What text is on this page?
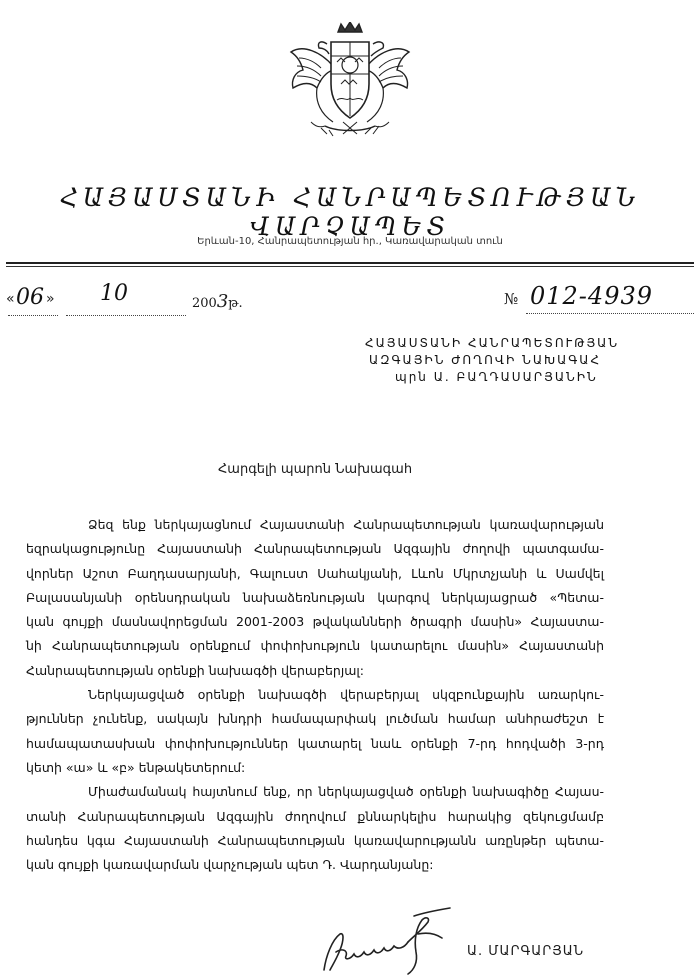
ՀԱՅԱՍՏԱՆԻ ՀԱՆՐԱՊԵՏՈՒԹՅԱՆ ՎԱՐՉԱՊԵՏ
Երևան-10, Հանրապետության հր., Կառավարական տուն
« 06 » 10	2003թ.	№ 012-4939
ՀԱՅԱՍՏԱՆԻ ՀԱՆՐԱՊԵՏՈՒԹՅԱՆ
ԱԶԳԱՅԻՆ ԺՈՂՈՎԻ ՆԱԽԱԳԱՀ
պրն Ա. ԲԱՂԴԱՍԱՐՅԱՆԻՆ
Հարգելի պարոն Նախագահ
Ձեզ ենք ներկայացնում Հայաստանի Հանրապետության կառավարության
եզրակացությունը Հայաստանի Հանրապետության Ազգային ժողովի պատգամա-
վորներ Աշոտ Բաղդասարյանի, Գալուստ Սահակյանի, Լևոն Մկրտչյանի և Սամվել
Բալասանյանի օրենսդրական նախաձեռնության կարգով ներկայացրած «Պետա-
կան գույքի մասնավորեցման 2001-2003 թվականների ծրագրի մասին» Հայաստա-
նի Հանրապետության օրենքում փոփոխություն կատարելու մասին» Հայաստանի
Հանրապետության օրենքի նախագծի վերաբերյալ:
Ներկայացված օրենքի նախագծի վերաբերյալ սկզբունքային առարկու-
թյուններ չունենք, սակայն խնդրի համապարփակ լուծման համար անհրաժեշտ է
համապատասխան փոփոխություններ կատարել նաև օրենքի 7-րդ հոդվածի 3-րդ
կետի «ա» և «բ» ենթակետերում:
Միաժամանակ հայտնում ենք, որ ներկայացված օրենքի նախագիծը Հայաս-
տանի Հանրապետության Ազգային ժողովում քննարկելիս հարակից զեկուցմամբ
հանդես կգա Հայաստանի Հանրապետության կառավարությանն առընթեր պետա-
կան գույքի կառավարման վարչության պետ Դ. Վարդանյանը:
Ա. ՄԱՐԳԱՐՅԱՆ
